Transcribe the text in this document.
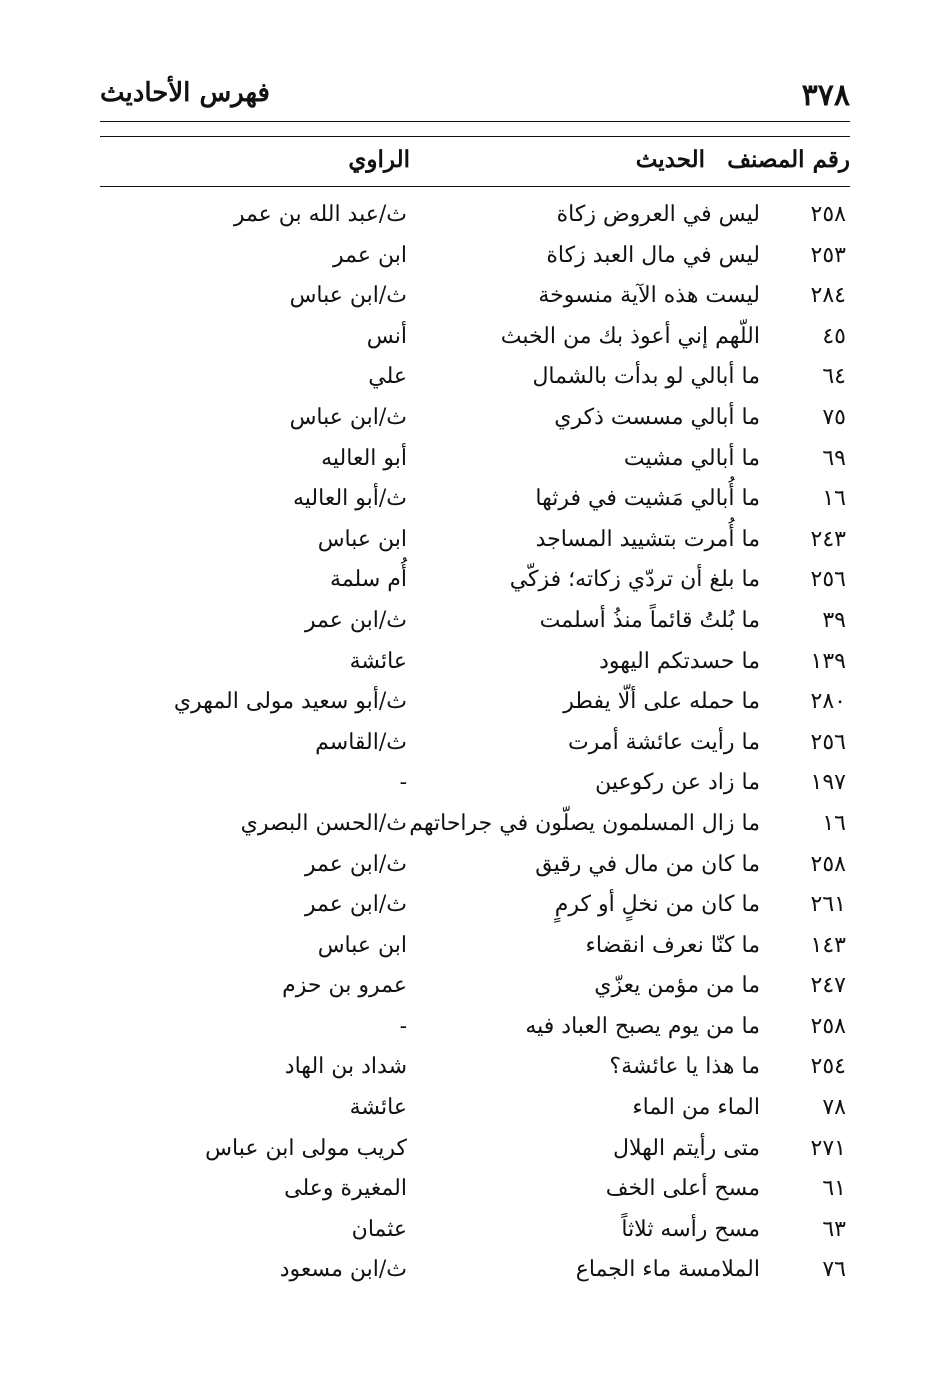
٣٧٨
فهرس الأحاديث
رقم المصنف
الحديث
الراوي
٢٥٨
ليس في العروض زكاة
ث/عبد الله بن عمر
٢٥٣
ليس في مال العبد زكاة
ابن عمر
٢٨٤
ليست هذه الآية منسوخة
ث/ابن عباس
٤٥
اللّهم إني أعوذ بك من الخبث
أنس
٦٤
ما أبالي لو بدأت بالشمال
علي
٧٥
ما أبالي مسست ذكري
ث/ابن عباس
٦٩
ما أبالي مشيت
أبو العاليه
١٦
ما أُبالي مَشيت في فرثها
ث/أبو العاليه
٢٤٣
ما أُمرت بتشييد المساجد
ابن عباس
٢٥٦
ما بلغ أن تردّي زكاته؛ فزكّي
أُم سلمة
٣٩
ما بُلتُ قائماً منذُ أسلمت
ث/ابن عمر
١٣٩
ما حسدتكم اليهود
عائشة
٢٨٠
ما حمله على ألّا يفطر
ث/أبو سعيد مولى المهري
٢٥٦
ما رأيت عائشة أمرت
ث/القاسم
١٩٧
ما زاد عن ركوعين
-
١٦
ما زال المسلمون يصلّون في جراحاتهم
ث/الحسن البصري
٢٥٨
ما كان من مال في رقيق
ث/ابن عمر
٢٦١
ما كان من نخلٍ أو كرمٍ
ث/ابن عمر
١٤٣
ما كنّا نعرف انقضاء
ابن عباس
٢٤٧
ما من مؤمن يعزّي
عمرو بن حزم
٢٥٨
ما من يوم يصبح العباد فيه
-
٢٥٤
ما هذا يا عائشة؟
شداد بن الهاد
٧٨
الماء من الماء
عائشة
٢٧١
متى رأيتم الهلال
كريب مولى ابن عباس
٦١
مسح أعلى الخف
المغيرة وعلى
٦٣
مسح رأسه ثلاثاً
عثمان
٧٦
الملامسة ماء الجماع
ث/ابن مسعود
